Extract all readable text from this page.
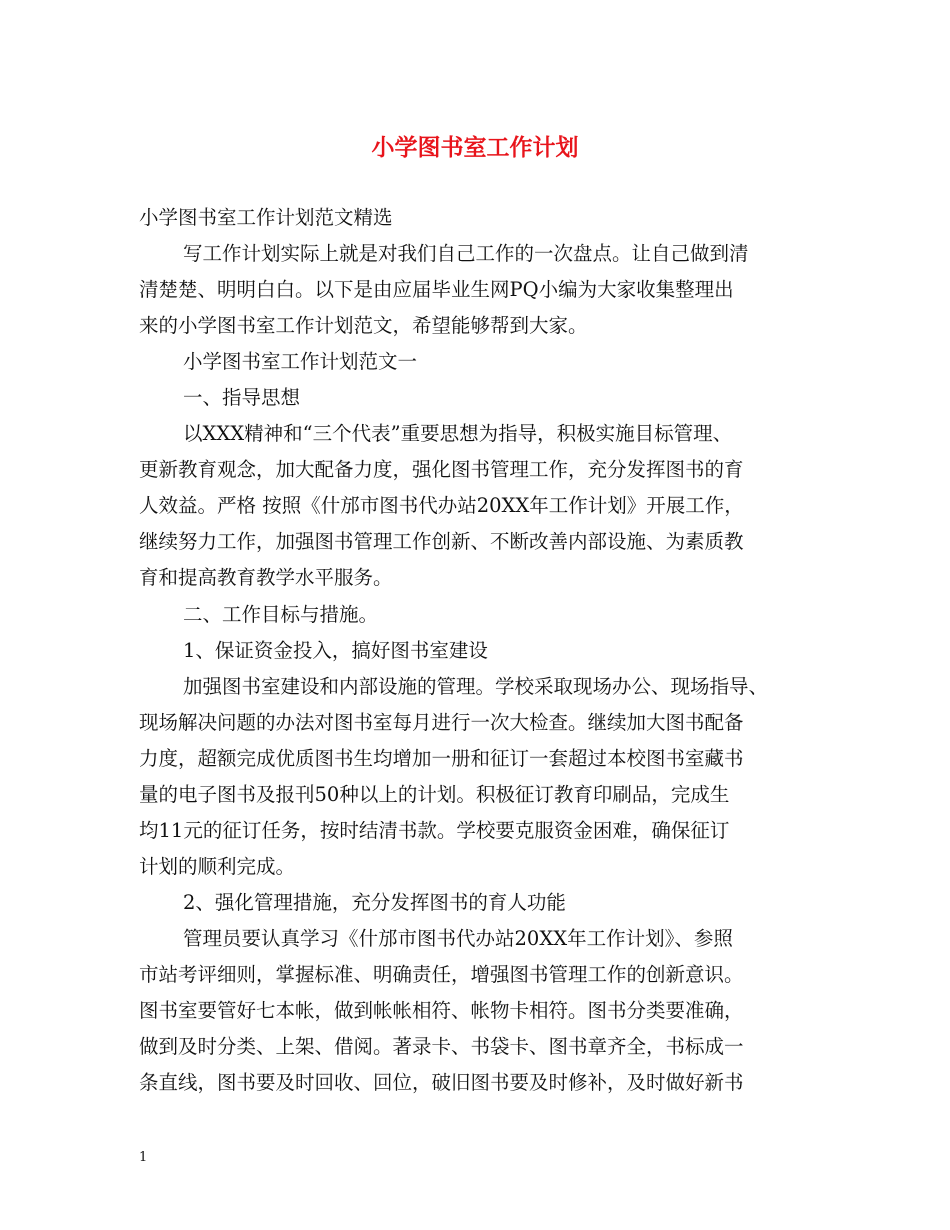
小学图书室工作计划

小学图书室工作计划范文精选

写工作计划实际上就是对我们自己工作的一次盘点。让自己做到清

清楚楚、明明白白。以下是由应届毕业生网PQ小编为大家收集整理出

来的小学图书室工作计划范文，希望能够帮到大家。

小学图书室工作计划范文一

一、指导思想

以XXX精神和“三个代表”重要思想为指导，积极实施目标管理、

更新教育观念，加大配备力度，强化图书管理工作，充分发挥图书的育

人效益。严格 按照《什邡市图书代办站20XX年工作计划》开展工作，

继续努力工作，加强图书管理工作创新、不断改善内部设施、为素质教

育和提高教育教学水平服务。

二、工作目标与措施。

1、保证资金投入，搞好图书室建设

加强图书室建设和内部设施的管理。学校采取现场办公、现场指导、

现场解决问题的办法对图书室每月进行一次大检查。继续加大图书配备

力度，超额完成优质图书生均增加一册和征订一套超过本校图书室藏书

量的电子图书及报刊50种以上的计划。积极征订教育印刷品，完成生

均11元的征订任务，按时结清书款。学校要克服资金困难，确保征订

计划的顺利完成。

2、强化管理措施，充分发挥图书的育人功能

管理员要认真学习《什邡市图书代办站20XX年工作计划》、参照

市站考评细则，掌握标准、明确责任，增强图书管理工作的创新意识。

图书室要管好七本帐，做到帐帐相符、帐物卡相符。图书分类要准确，

做到及时分类、上架、借阅。著录卡、书袋卡、图书章齐全，书标成一

条直线，图书要及时回收、回位，破旧图书要及时修补，及时做好新书

1
